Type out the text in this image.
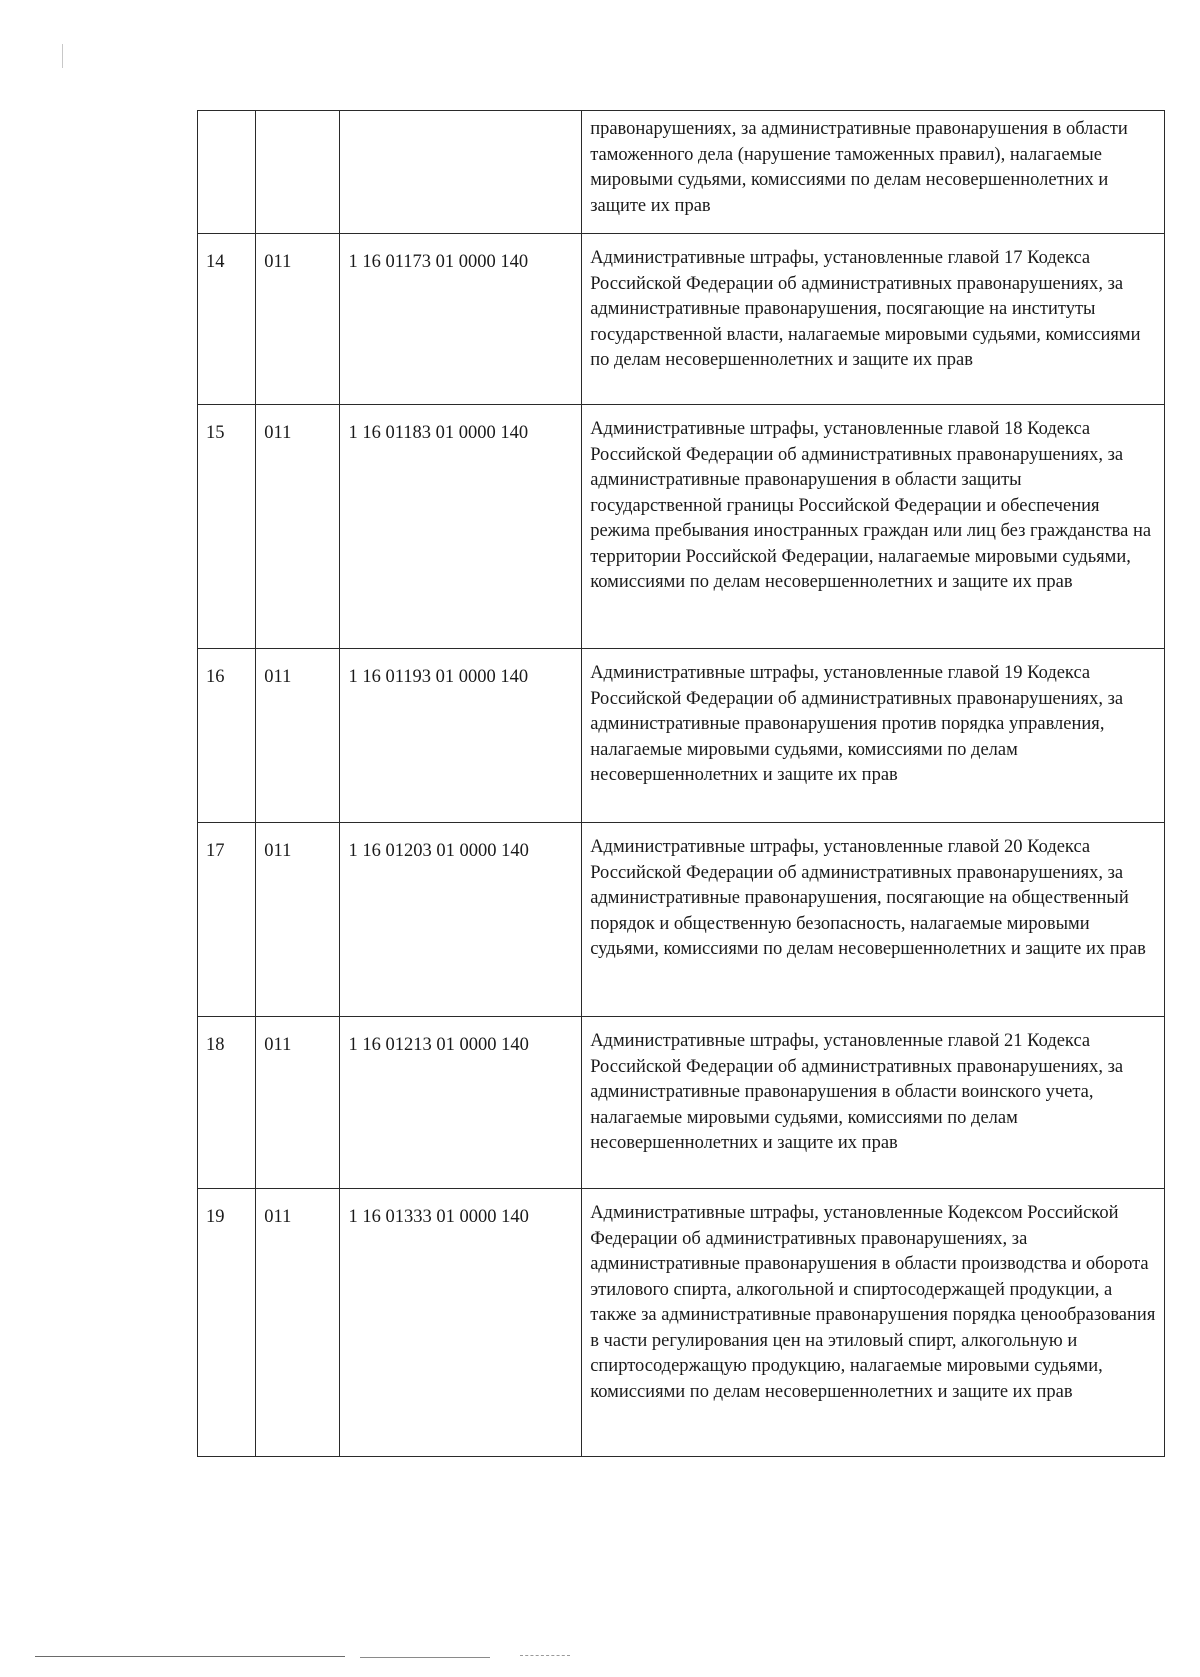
			правонарушениях, за административные правонарушения в области таможенного дела (нарушение таможенных правил), налагаемые мировыми судьями, комиссиями по делам несовершеннолетних и защите их прав
14	011	1 16 01173 01 0000 140	Административные штрафы, установленные главой 17 Кодекса Российской Федерации об административных правонарушениях, за административные правонарушения, посягающие на институты государственной власти, налагаемые мировыми судьями, комиссиями по делам несовершеннолетних и защите их прав
15	011	1 16 01183 01 0000 140	Административные штрафы, установленные главой 18 Кодекса Российской Федерации об административных правонарушениях, за административные правонарушения в области защиты государственной границы Российской Федерации и обеспечения режима пребывания иностранных граждан или лиц без гражданства на территории Российской Федерации, налагаемые мировыми судьями, комиссиями по делам несовершеннолетних и защите их прав
16	011	1 16 01193 01 0000 140	Административные штрафы, установленные главой 19 Кодекса Российской Федерации об административных правонарушениях, за административные правонарушения против порядка управления, налагаемые мировыми судьями, комиссиями по делам несовершеннолетних и защите их прав
17	011	1 16 01203 01 0000 140	Административные штрафы, установленные главой 20 Кодекса Российской Федерации об административных правонарушениях, за административные правонарушения, посягающие на общественный порядок и общественную безопасность, налагаемые мировыми судьями, комиссиями по делам несовершеннолетних и защите их прав
18	011	1 16 01213 01 0000 140	Административные штрафы, установленные главой 21 Кодекса Российской Федерации об административных правонарушениях, за административные правонарушения в области воинского учета, налагаемые мировыми судьями, комиссиями по делам несовершеннолетних и защите их прав
19	011	1 16 01333 01 0000 140	Административные штрафы, установленные Кодексом Российской Федерации об административных правонарушениях, за административные правонарушения в области производства и оборота этилового спирта, алкогольной и спиртосодержащей продукции, а также за административные правонарушения порядка ценообразования в части регулирования цен на этиловый спирт, алкогольную и спиртосодержащую продукцию, налагаемые мировыми судьями, комиссиями по делам несовершеннолетних и защите их прав
